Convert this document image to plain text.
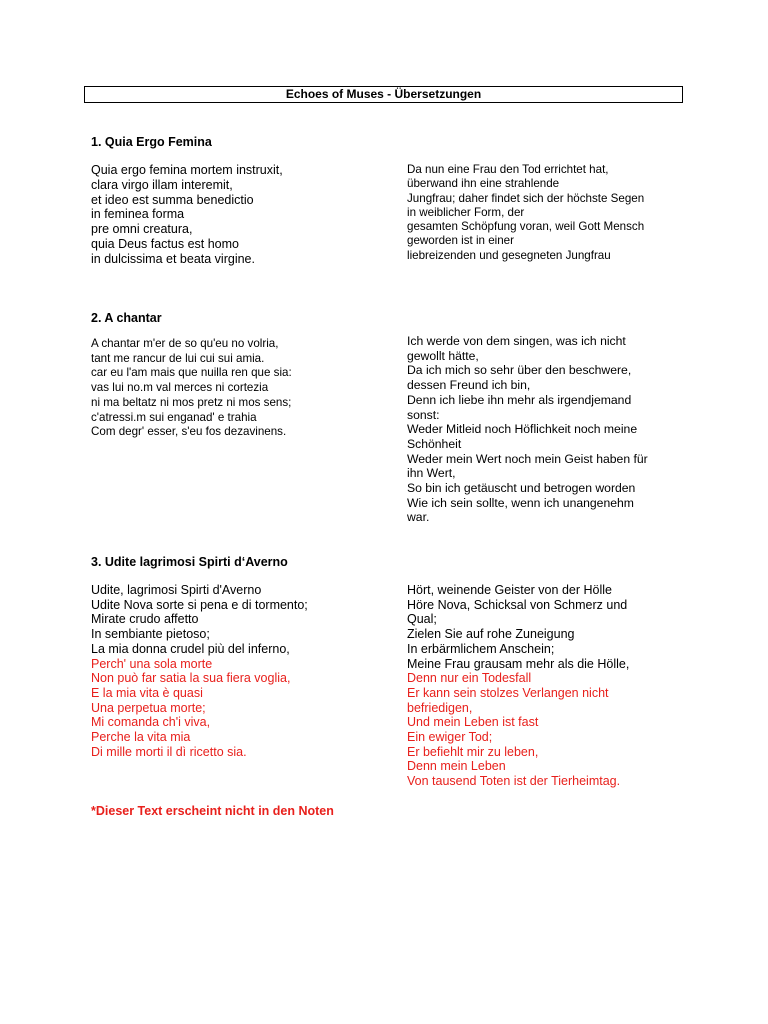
Echoes of Muses - Übersetzungen
1. Quia Ergo Femina
Quia ergo femina mortem instruxit,
clara virgo illam interemit,
et ideo est summa benedictio
in feminea forma
pre omni creatura,
quia Deus factus est homo
in dulcissima et beata virgine.
Da nun eine Frau den Tod errichtet hat,
überwand ihn eine strahlende
Jungfrau; daher findet sich der höchste Segen
in weiblicher Form, der
gesamten Schöpfung voran, weil Gott Mensch
geworden ist in einer
liebreizenden und gesegneten Jungfrau
2. A chantar
A chantar m'er de so qu'eu no volria,
tant me rancur de lui cui sui amia.
car eu l'am mais que nuilla ren que sia:
vas lui no.m val merces ni cortezia
ni ma beltatz ni mos pretz ni mos sens;
c'atressi.m sui enganad' e trahia
Com degr' esser, s'eu fos dezavinens.
Ich werde von dem singen, was ich nicht
gewollt hätte,
Da ich mich so sehr über den beschwere,
dessen Freund ich bin,
Denn ich liebe ihn mehr als irgendjemand
sonst:
Weder Mitleid noch Höflichkeit noch meine
Schönheit
Weder mein Wert noch mein Geist haben für
ihn Wert,
So bin ich getäuscht und betrogen worden
Wie ich sein sollte, wenn ich unangenehm
war.
3. Udite lagrimosi Spirti d‘Averno
Udite, lagrimosi Spirti d'Averno
Udite Nova sorte si pena e di tormento;
Mirate crudo affetto
In sembiante pietoso;
La mia donna crudel più del inferno,
Perch' una sola morte
Non può far satia la sua fiera voglia,
E la mia vita è quasi
Una perpetua morte;
Mi comanda ch'i viva,
Perche la vita mia
Di mille morti il dì ricetto sia.
Hört, weinende Geister von der Hölle
Höre Nova, Schicksal von Schmerz und
Qual;
Zielen Sie auf rohe Zuneigung
In erbärmlichem Anschein;
Meine Frau grausam mehr als die Hölle,
Denn nur ein Todesfall
Er kann sein stolzes Verlangen nicht
befriedigen,
Und mein Leben ist fast
Ein ewiger Tod;
Er befiehlt mir zu leben,
Denn mein Leben
Von tausend Toten ist der Tierheimtag.
*Dieser Text erscheint nicht in den Noten
